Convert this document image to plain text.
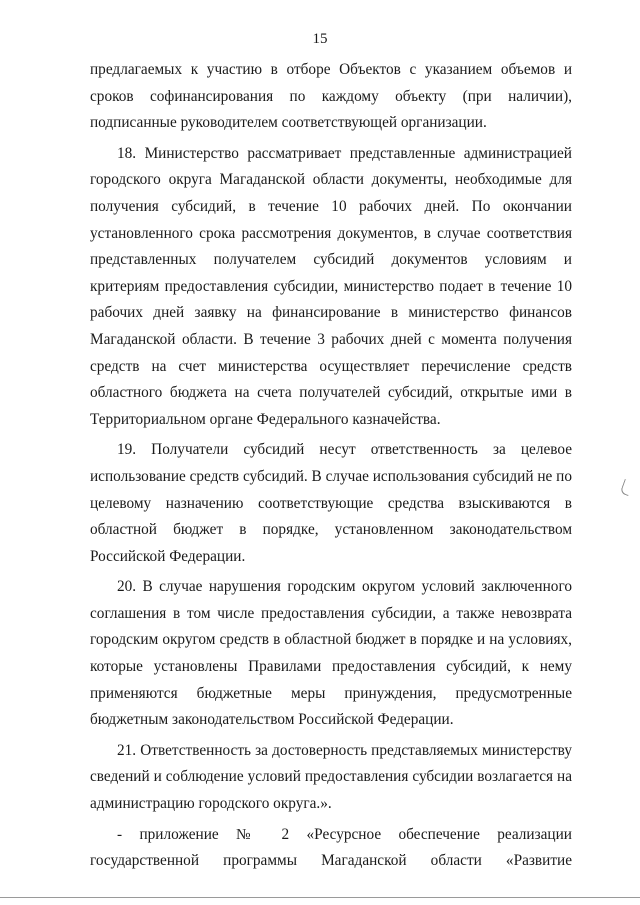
15

предлагаемых к участию в отборе Объектов с указанием объемов и сроков софинансирования по каждому объекту (при наличии), подписанные руководителем соответствующей организации.

18. Министерство рассматривает представленные администрацией городского округа Магаданской области документы, необходимые для получения субсидий, в течение 10 рабочих дней. По окончании установленного срока рассмотрения документов, в случае соответствия представленных получателем субсидий документов условиям и критериям предоставления субсидии, министерство подает в течение 10 рабочих дней заявку на финансирование в министерство финансов Магаданской области. В течение 3 рабочих дней с момента получения средств на счет министерства осуществляет перечисление средств областного бюджета на счета получателей субсидий, открытые ими в Территориальном органе Федерального казначейства.

19. Получатели субсидий несут ответственность за целевое использование средств субсидий. В случае использования субсидий не по целевому назначению соответствующие средства взыскиваются в областной бюджет в порядке, установленном законодательством Российской Федерации.

20. В случае нарушения городским округом условий заключенного соглашения в том числе предоставления субсидии, а также невозврата городским округом средств в областной бюджет в порядке и на условиях, которые установлены Правилами предоставления субсидий, к нему применяются бюджетные меры принуждения, предусмотренные бюджетным законодательством Российской Федерации.

21. Ответственность за достоверность представляемых министерству сведений и соблюдение условий предоставления субсидии возлагается на администрацию городского округа.».

- приложение № 2 «Ресурсное обеспечение реализации государственной программы Магаданской области «Развитие
